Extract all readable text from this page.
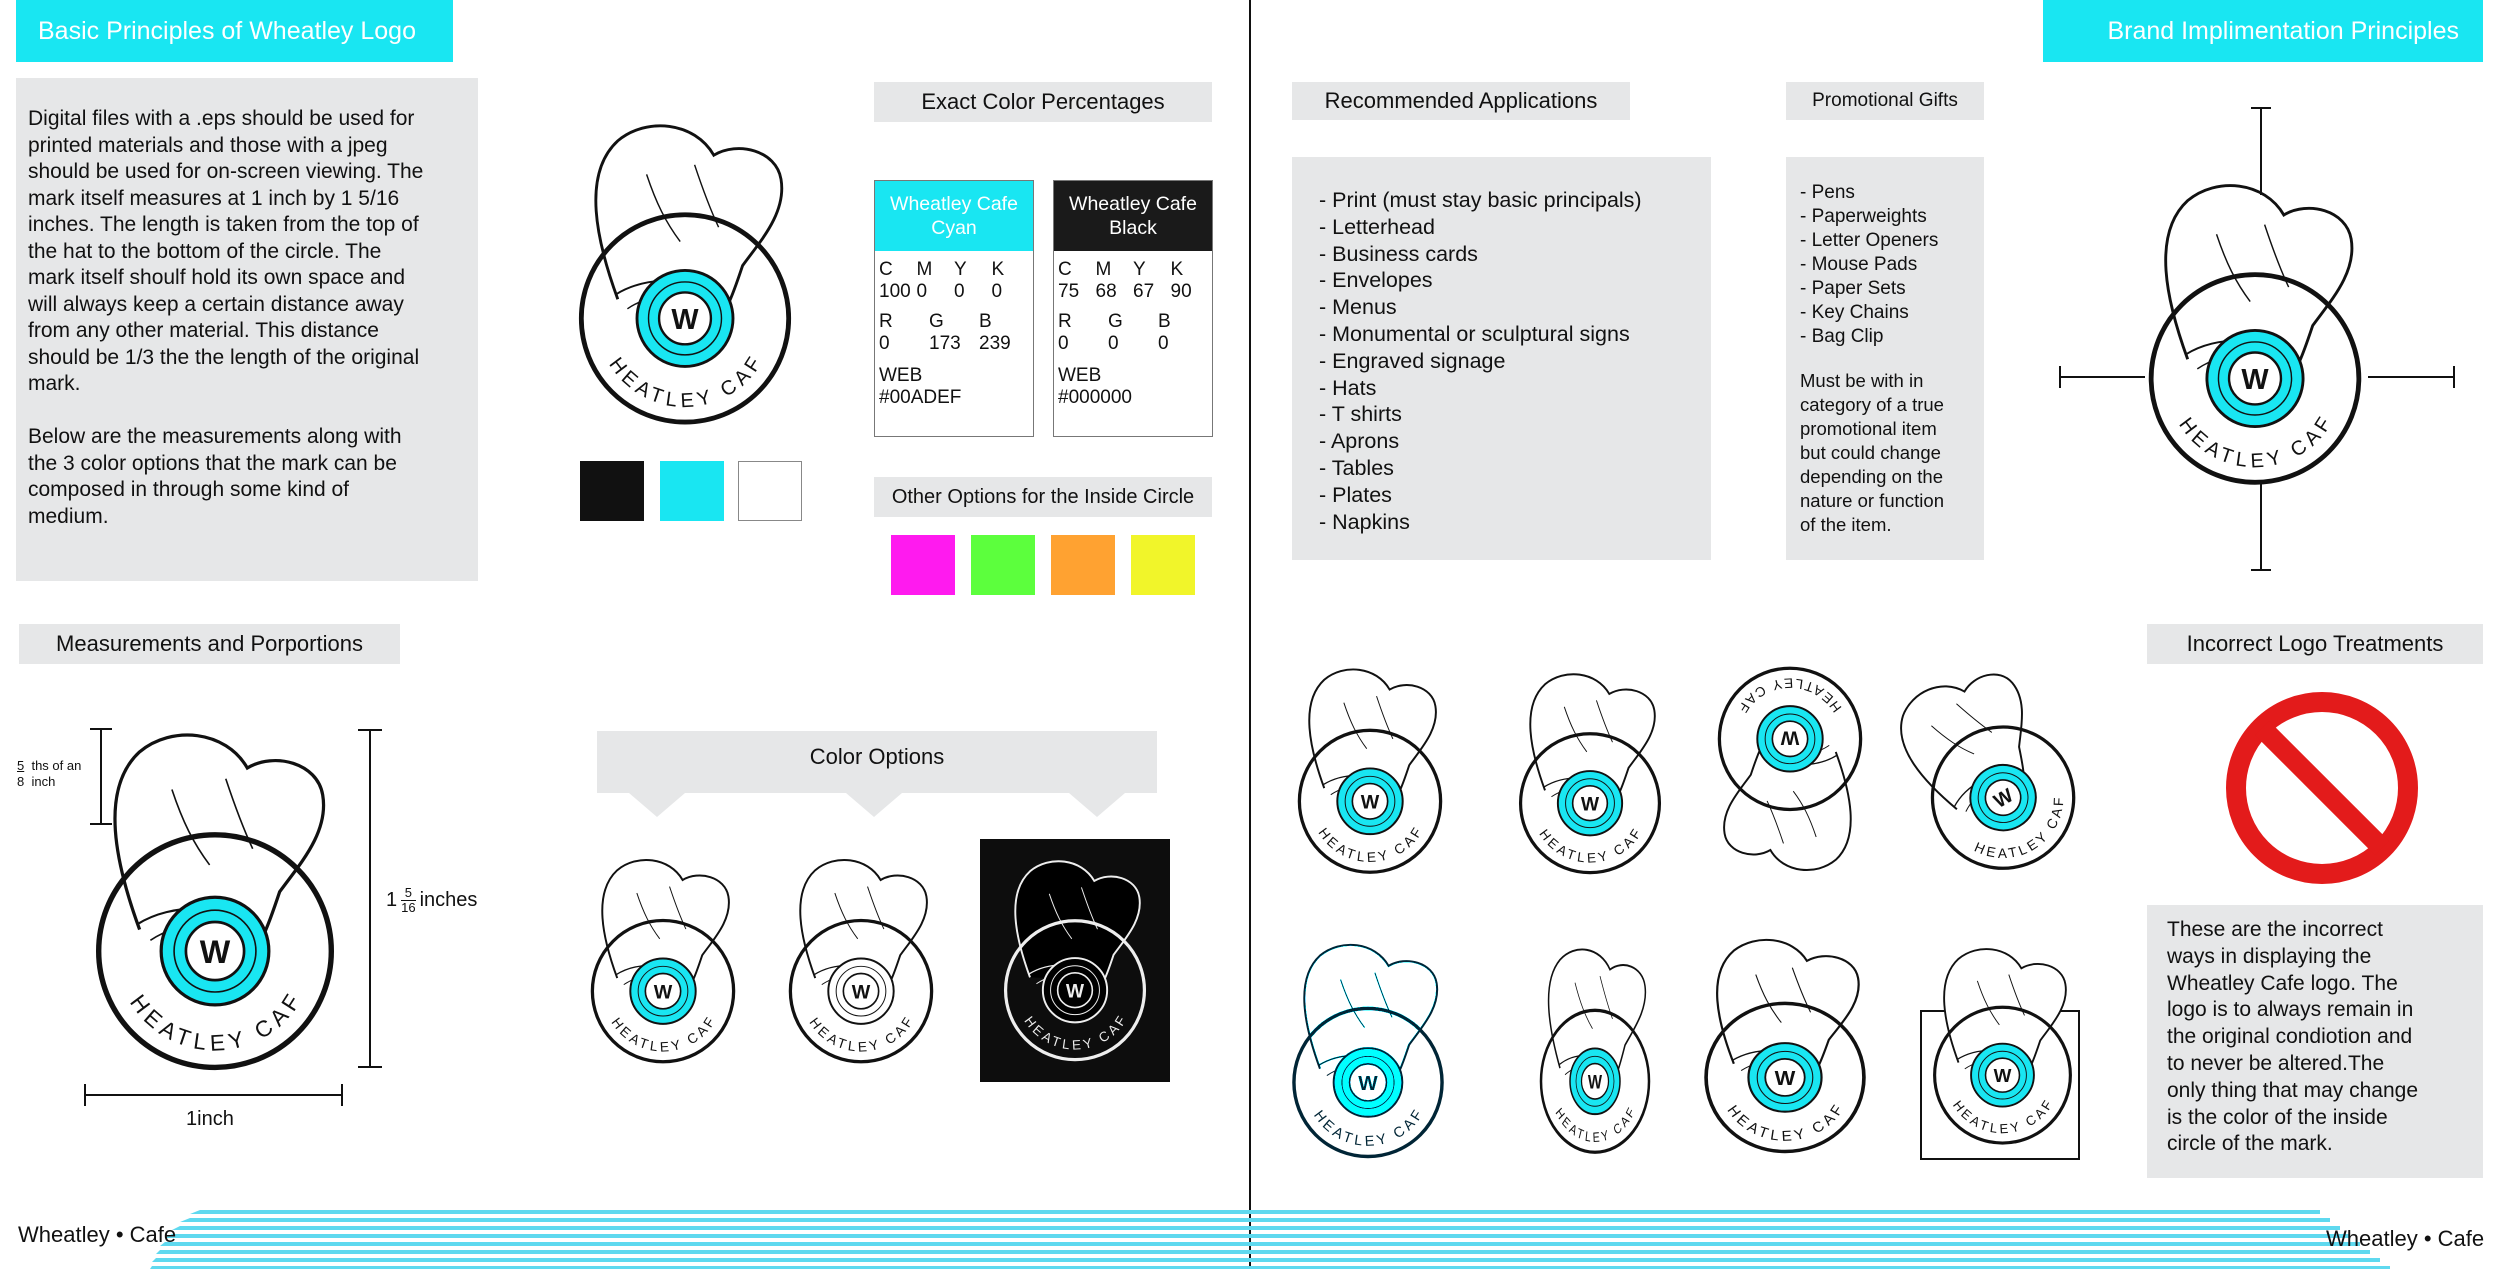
Basic Principles of Wheatley Logo

Digital files with a .eps should be used for
printed materials and those with a jpeg
should be used for on-screen viewing. The
mark itself measures at 1 inch by 1 5/16
inches. The length is taken from the top of
the hat to the bottom of the circle. The
mark itself shoulf hold its own space and
will always keep a certain distance away
from any other material. This distance
should be 1/3 the the length of the original
mark.

Below are the measurements along with
the 3 color options that the mark can be
composed in through some kind of
medium.

Exact Color Percentages
Wheatley Cafe Cyan
C	M	Y	K
100 0	0	0
R	G	B
0	173 239
WEB
#00ADEF
Wheatley Cafe Black
C	M	Y	K
75 68 67 90
R	G	B
0	0	0
WEB
#000000
Other Options for the Inside Circle
Measurements and Porportions
5 ths of an
8 inch
$1 \frac{5}{16}$ inches
1inch
Color Options
Brand Implimentation Principles
Recommended Applications
- Print (must stay basic principals)
- Letterhead
- Business cards
- Envelopes
- Menus
- Monumental or sculptural signs
- Engraved signage
- Hats
- T shirts
- Aprons
- Tables
- Plates
- Napkins
Promotional Gifts
- Pens
- Paperweights
- Letter Openers
- Mouse Pads
- Paper Sets
- Key Chains
- Bag Clip

Must be with in
category of a true
promotional item
but could change
depending on the
nature or function
of the item.

Incorrect Logo Treatments

These are the incorrect
ways in displaying the
Wheatley Cafe logo. The
logo is to always remain in
the original condiotion and
to never be altered.The
only thing that may change
is the color of the inside
circle of the mark.

Wheatley • Cafe	Wheatley • Cafe
